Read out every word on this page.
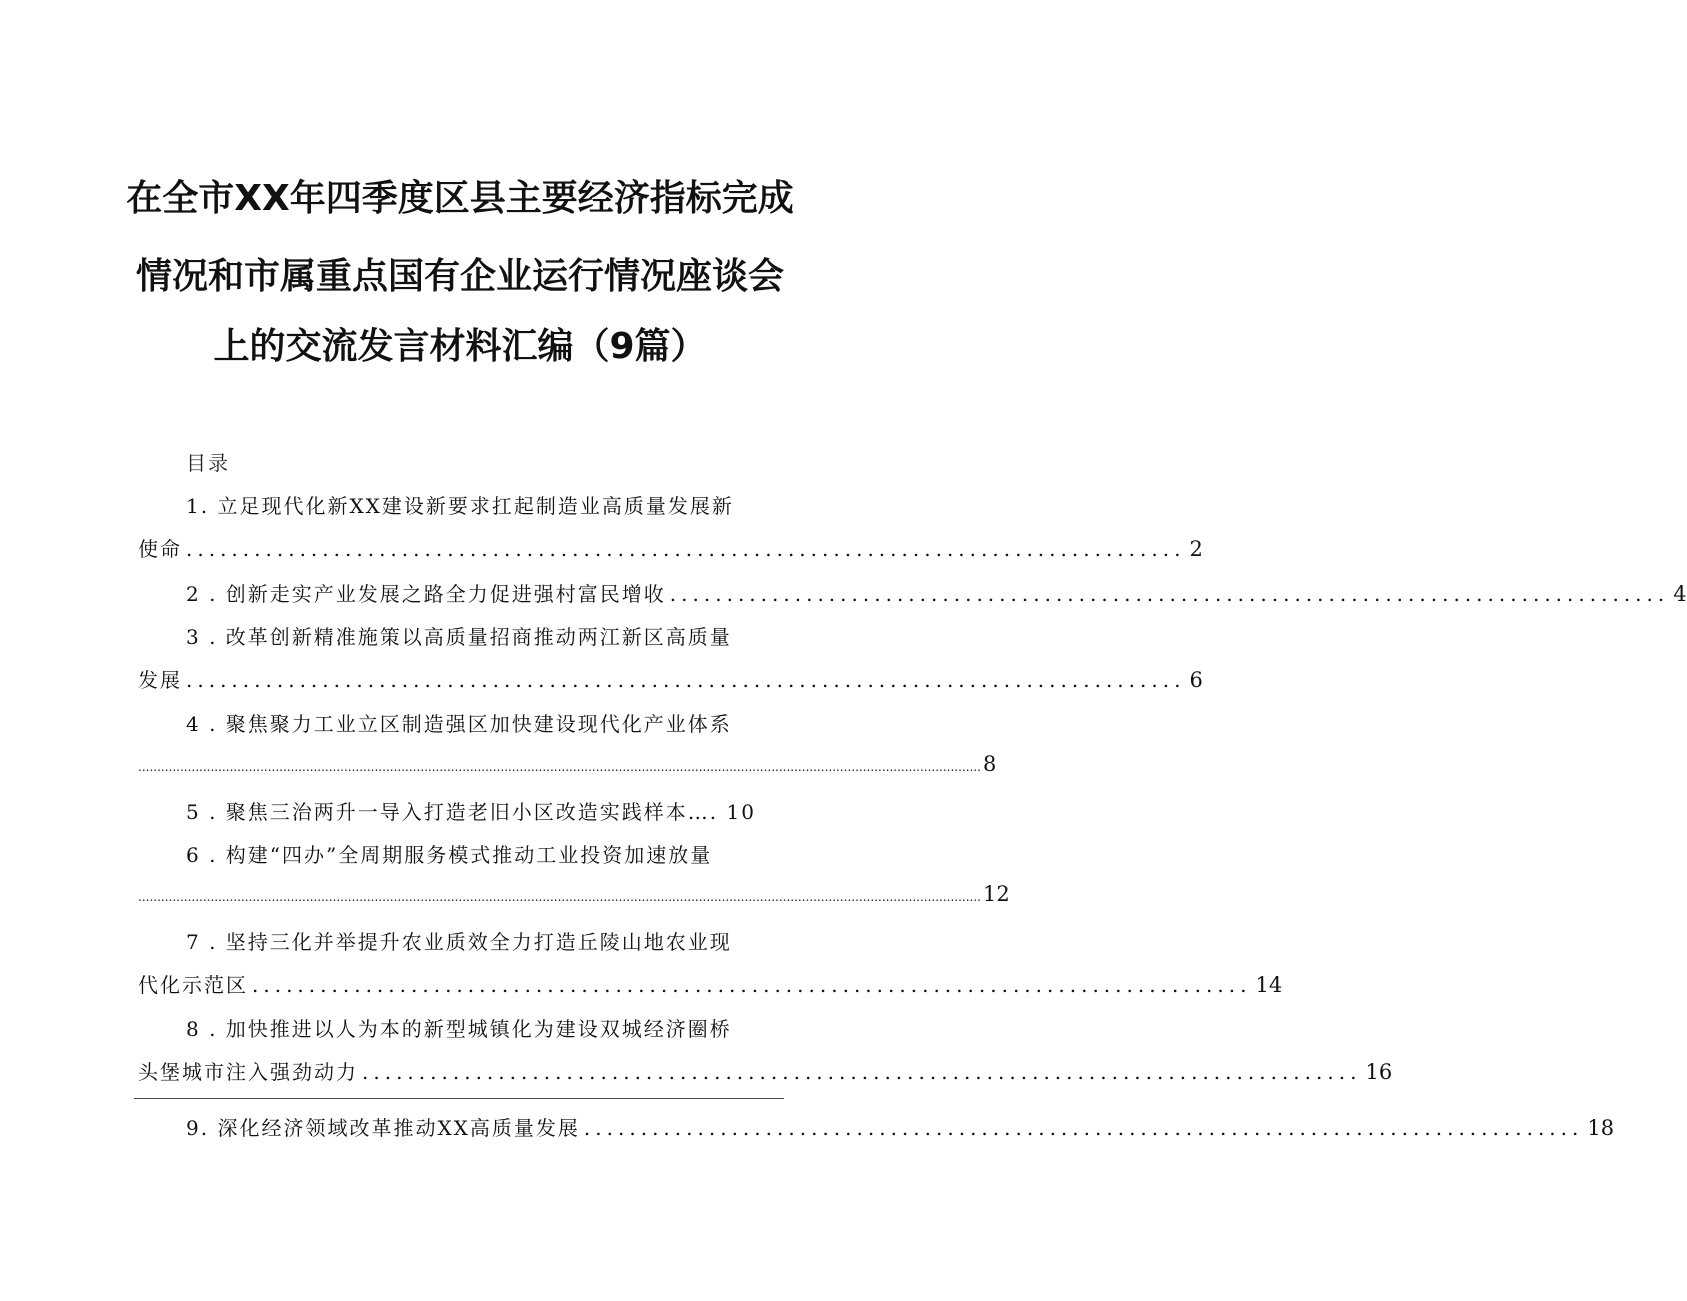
在全市XX年四季度区县主要经济指标完成
情况和市属重点国有企业运行情况座谈会
上的交流发言材料汇编（9篇）
目录
1. 立足现代化新XX建设新要求扛起制造业高质量发展新
使命 ........................................................................................ 2
2 . 创新走实产业发展之路全力促进强村富民增收 ........................................................................................ 4
3 . 改革创新精准施策以高质量招商推动两江新区高质量
发展 ........................................................................................ 6
4 . 聚焦聚力工业立区制造强区加快建设现代化产业体系
............................................................................................................................................................................................................................. 8
5 . 聚焦三治两升一导入打造老旧小区改造实践样本…. 10
6 . 构建“四办”全周期服务模式推动工业投资加速放量
............................................................................................................................................................................................................................. 12
7 . 坚持三化并举提升农业质效全力打造丘陵山地农业现
代化示范区 ........................................................................................ 14
8 . 加快推进以人为本的新型城镇化为建设双城经济圈桥
头堡城市注入强劲动力 ........................................................................................ 16
9. 深化经济领域改革推动XX高质量发展 ........................................................................................ 18
